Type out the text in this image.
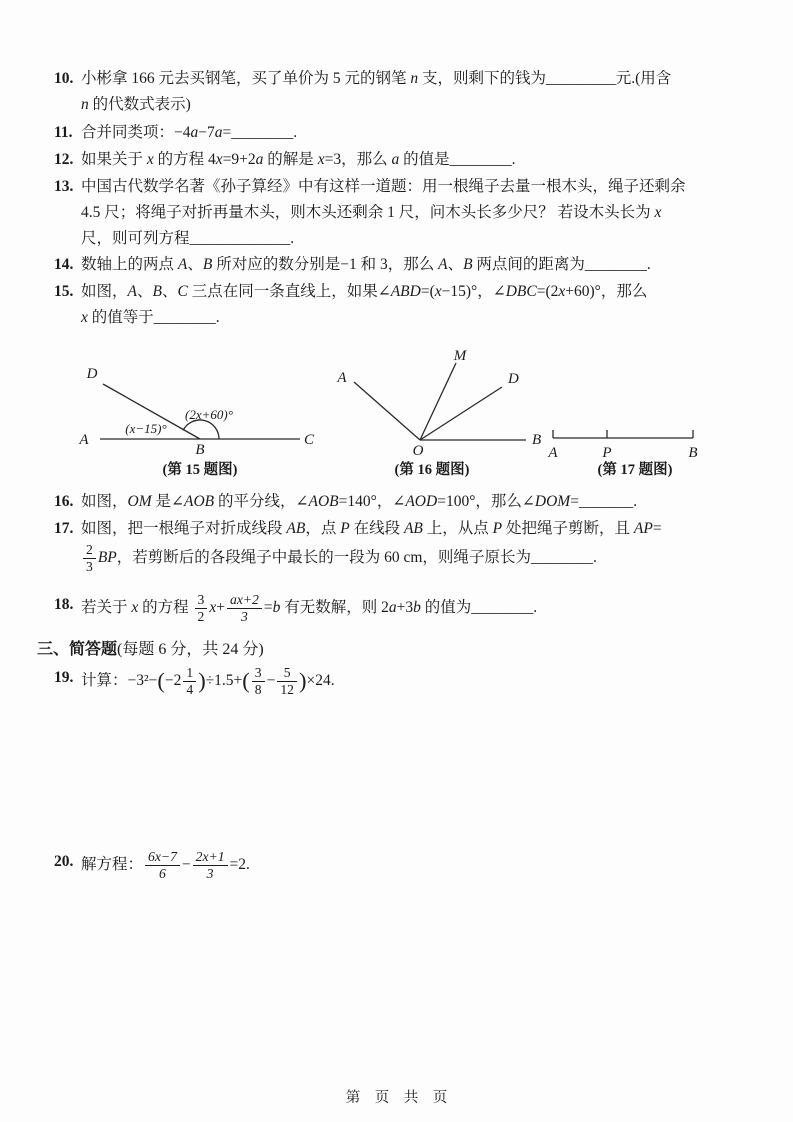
10. 小彬拿 166 元去买钢笔，买了单价为 5 元的钢笔 n 支，则剩下的钱为_________元.(用含
n 的代数式表示)
11. 合并同类项：−4a−7a=________.
12. 如果关于 x 的方程 4x=9+2a 的解是 x=3，那么 a 的值是________.
13. 中国古代数学名著《孙子算经》中有这样一道题：用一根绳子去量一根木头，绳子还剩余
4.5 尺；将绳子对折再量木头，则木头还剩余 1 尺，问木头长多少尺？ 若设木头长为 x
尺，则可列方程_____________.
14. 数轴上的两点 A、B 所对应的数分别是−1 和 3，那么 A、B 两点间的距离为________.
15. 如图，A、B、C 三点在同一条直线上，如果∠ABD=(x−15)°，∠DBC=(2x+60)°，那么
x 的值等于________.
D
A	C
B
(x−15)°
(2x+60)°
(第 15 题图)
A
M
D
B
O
(第 16 题图)
A	P	B
(第 17 题图)
16. 如图，OM 是∠AOB 的平分线，∠AOB=140°，∠AOD=100°，那么∠DOM=_______.
17. 如图，把一根绳子对折成线段 AB，点 P 在线段 AB 上，从点 P 处把绳子剪断，且 AP=

$\frac{2}{3}$ BP，若剪断后的各段绳子中最长的一段为 60 cm，则绳子原长为________.
18. 若关于 x 的方程 $\frac{3}{2} x+ \frac{ax+2}{3} =b$ 有无数解，则 2a+3b 的值为________.
三、简答题(每题 6 分，共 24 分)
19. 计算：$-3^2-(-2 \frac{1}{4} )\div 1.5+( \frac{3}{8} - \frac{5}{12} )\times 24$.
20. 解方程： $\frac{6x-7}{6} - \frac{2x+1}{3} =2$.
第　页　共　页
